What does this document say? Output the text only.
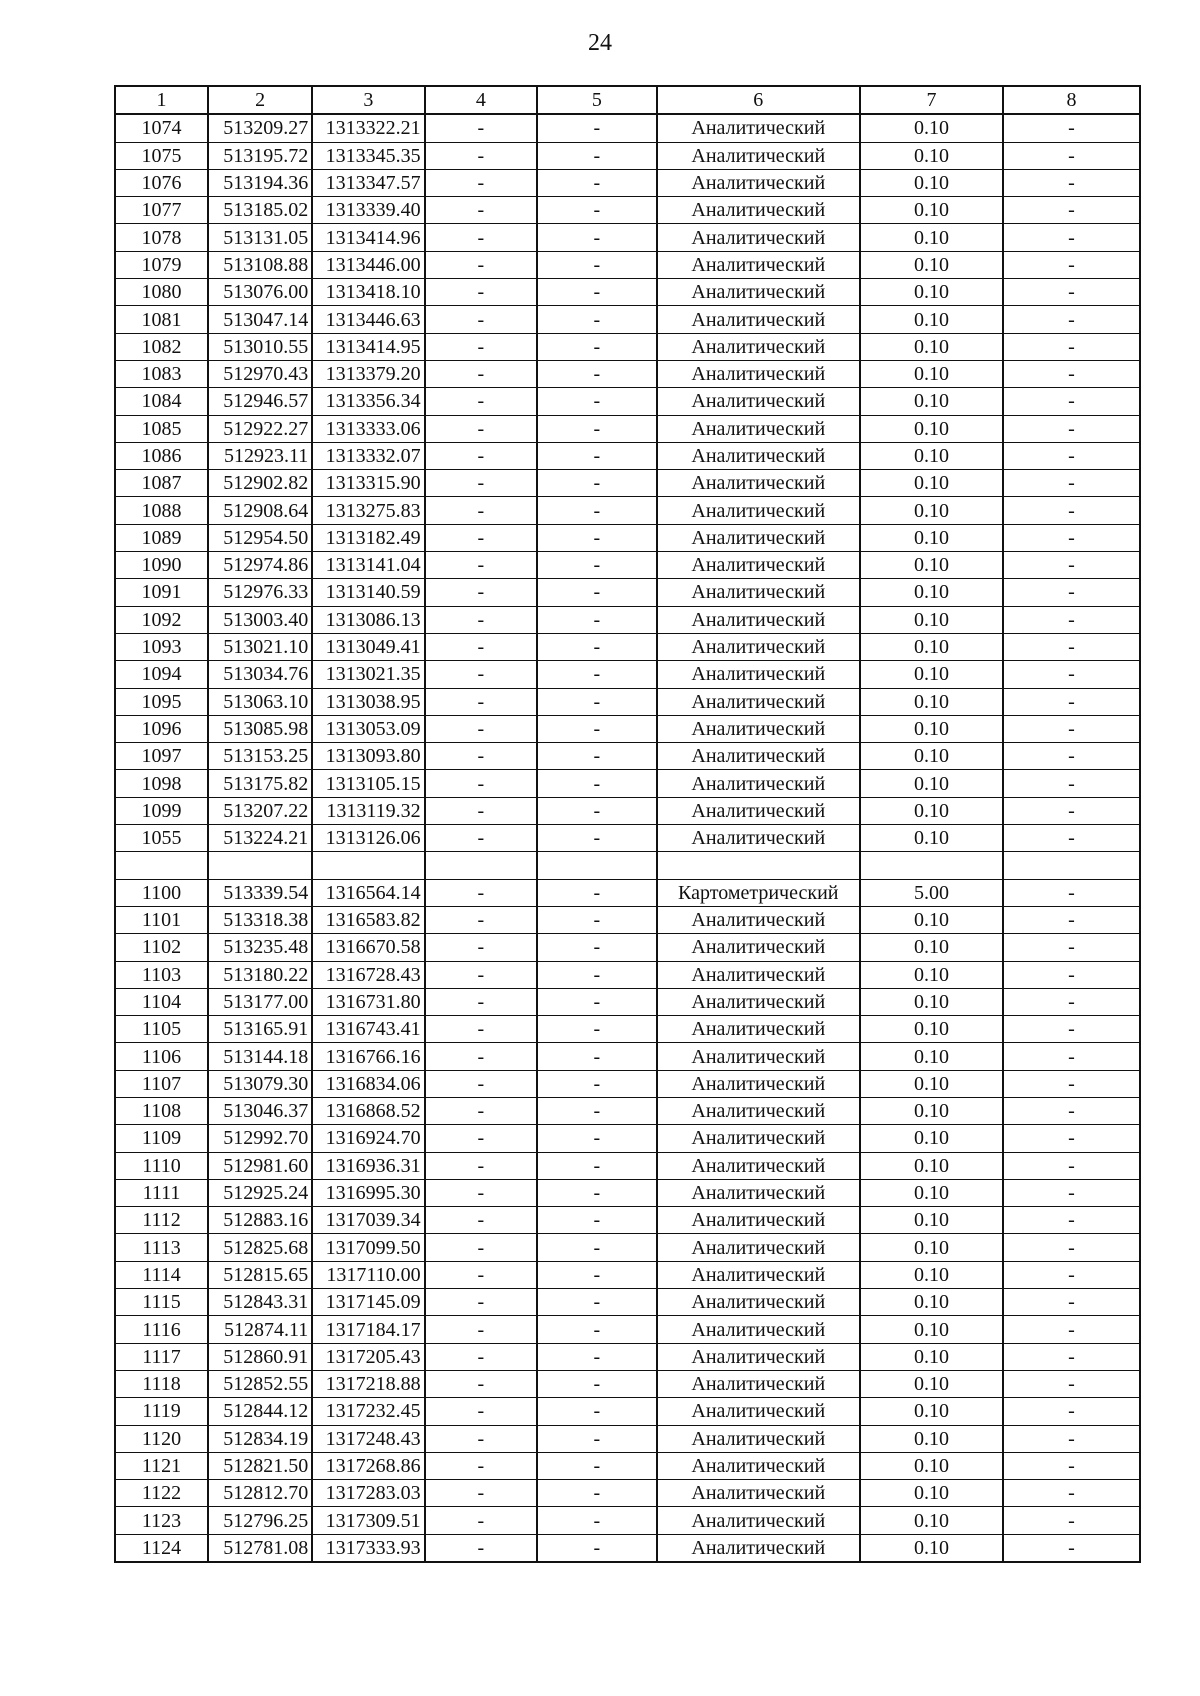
24
1	2	3	4	5	6	7	8
1074	513209.27	1313322.21	-	-	Аналитический	0.10	-
1075	513195.72	1313345.35	-	-	Аналитический	0.10	-
1076	513194.36	1313347.57	-	-	Аналитический	0.10	-
1077	513185.02	1313339.40	-	-	Аналитический	0.10	-
1078	513131.05	1313414.96	-	-	Аналитический	0.10	-
1079	513108.88	1313446.00	-	-	Аналитический	0.10	-
1080	513076.00	1313418.10	-	-	Аналитический	0.10	-
1081	513047.14	1313446.63	-	-	Аналитический	0.10	-
1082	513010.55	1313414.95	-	-	Аналитический	0.10	-
1083	512970.43	1313379.20	-	-	Аналитический	0.10	-
1084	512946.57	1313356.34	-	-	Аналитический	0.10	-
1085	512922.27	1313333.06	-	-	Аналитический	0.10	-
1086	512923.11	1313332.07	-	-	Аналитический	0.10	-
1087	512902.82	1313315.90	-	-	Аналитический	0.10	-
1088	512908.64	1313275.83	-	-	Аналитический	0.10	-
1089	512954.50	1313182.49	-	-	Аналитический	0.10	-
1090	512974.86	1313141.04	-	-	Аналитический	0.10	-
1091	512976.33	1313140.59	-	-	Аналитический	0.10	-
1092	513003.40	1313086.13	-	-	Аналитический	0.10	-
1093	513021.10	1313049.41	-	-	Аналитический	0.10	-
1094	513034.76	1313021.35	-	-	Аналитический	0.10	-
1095	513063.10	1313038.95	-	-	Аналитический	0.10	-
1096	513085.98	1313053.09	-	-	Аналитический	0.10	-
1097	513153.25	1313093.80	-	-	Аналитический	0.10	-
1098	513175.82	1313105.15	-	-	Аналитический	0.10	-
1099	513207.22	1313119.32	-	-	Аналитический	0.10	-
1055	513224.21	1313126.06	-	-	Аналитический	0.10	-

1100	513339.54	1316564.14	-	-	Картометрический	5.00	-
1101	513318.38	1316583.82	-	-	Аналитический	0.10	-
1102	513235.48	1316670.58	-	-	Аналитический	0.10	-
1103	513180.22	1316728.43	-	-	Аналитический	0.10	-
1104	513177.00	1316731.80	-	-	Аналитический	0.10	-
1105	513165.91	1316743.41	-	-	Аналитический	0.10	-
1106	513144.18	1316766.16	-	-	Аналитический	0.10	-
1107	513079.30	1316834.06	-	-	Аналитический	0.10	-
1108	513046.37	1316868.52	-	-	Аналитический	0.10	-
1109	512992.70	1316924.70	-	-	Аналитический	0.10	-
1110	512981.60	1316936.31	-	-	Аналитический	0.10	-
1111	512925.24	1316995.30	-	-	Аналитический	0.10	-
1112	512883.16	1317039.34	-	-	Аналитический	0.10	-
1113	512825.68	1317099.50	-	-	Аналитический	0.10	-
1114	512815.65	1317110.00	-	-	Аналитический	0.10	-
1115	512843.31	1317145.09	-	-	Аналитический	0.10	-
1116	512874.11	1317184.17	-	-	Аналитический	0.10	-
1117	512860.91	1317205.43	-	-	Аналитический	0.10	-
1118	512852.55	1317218.88	-	-	Аналитический	0.10	-
1119	512844.12	1317232.45	-	-	Аналитический	0.10	-
1120	512834.19	1317248.43	-	-	Аналитический	0.10	-
1121	512821.50	1317268.86	-	-	Аналитический	0.10	-
1122	512812.70	1317283.03	-	-	Аналитический	0.10	-
1123	512796.25	1317309.51	-	-	Аналитический	0.10	-
1124	512781.08	1317333.93	-	-	Аналитический	0.10	-
